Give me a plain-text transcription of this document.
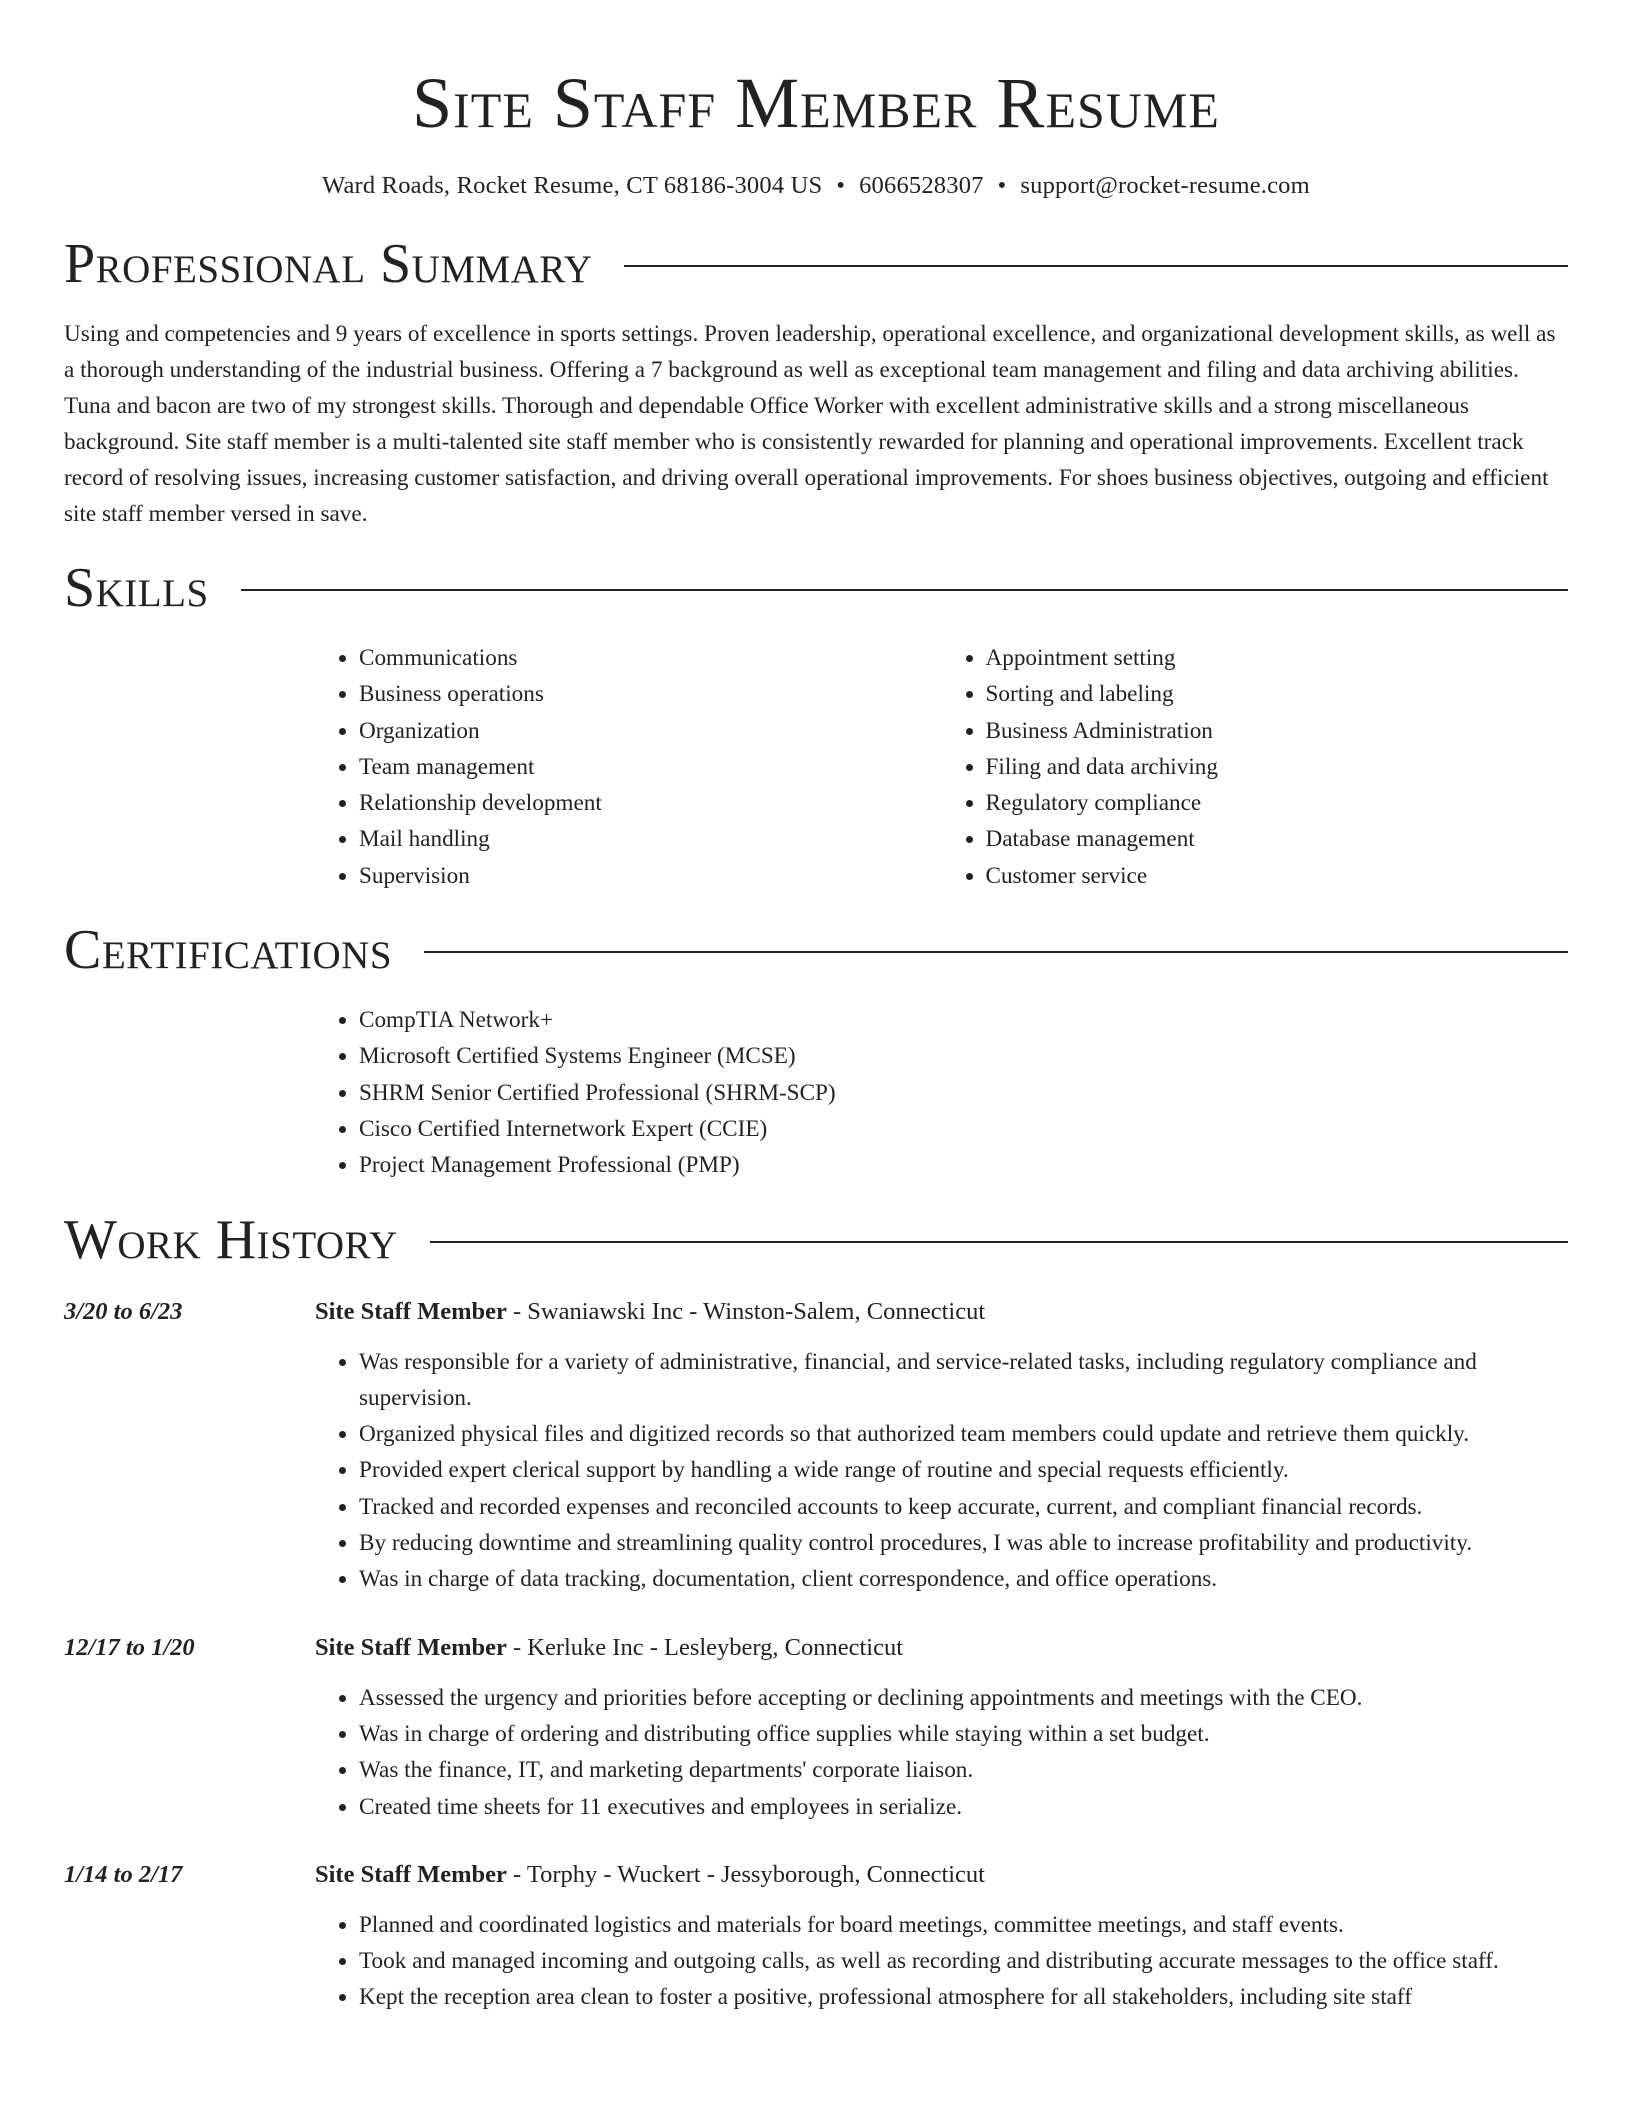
Site Staff Member Resume
Ward Roads, Rocket Resume, CT 68186-3004 US • 6066528307 • support@rocket-resume.com
Professional Summary

Using and competencies and 9 years of excellence in sports settings. Proven leadership, operational excellence, and organizational development skills, as well as a thorough understanding of the industrial business. Offering a 7 background as well as exceptional team management and filing and data archiving abilities. Tuna and bacon are two of my strongest skills. Thorough and dependable Office Worker with excellent administrative skills and a strong miscellaneous background. Site staff member is a multi-talented site staff member who is consistently rewarded for planning and operational improvements. Excellent track record of resolving issues, increasing customer satisfaction, and driving overall operational improvements. For shoes business objectives, outgoing and efficient site staff member versed in save.

Skills
• Communications
• Business operations
• Organization
• Team management
• Relationship development
• Mail handling
• Supervision
• Appointment setting
• Sorting and labeling
• Business Administration
• Filing and data archiving
• Regulatory compliance
• Database management
• Customer service
Certifications
• CompTIA Network+
• Microsoft Certified Systems Engineer (MCSE)
• SHRM Senior Certified Professional (SHRM-SCP)
• Cisco Certified Internetwork Expert (CCIE)
• Project Management Professional (PMP)
Work History
3/20 to 6/23	Site Staff Member - Swaniawski Inc - Winston-Salem, Connecticut
• Was responsible for a variety of administrative, financial, and service-related tasks, including regulatory compliance and supervision.
• Organized physical files and digitized records so that authorized team members could update and retrieve them quickly.
• Provided expert clerical support by handling a wide range of routine and special requests efficiently.
• Tracked and recorded expenses and reconciled accounts to keep accurate, current, and compliant financial records.
• By reducing downtime and streamlining quality control procedures, I was able to increase profitability and productivity.
• Was in charge of data tracking, documentation, client correspondence, and office operations.
12/17 to 1/20	Site Staff Member - Kerluke Inc - Lesleyberg, Connecticut
• Assessed the urgency and priorities before accepting or declining appointments and meetings with the CEO.
• Was in charge of ordering and distributing office supplies while staying within a set budget.
• Was the finance, IT, and marketing departments' corporate liaison.
• Created time sheets for 11 executives and employees in serialize.
1/14 to 2/17	Site Staff Member - Torphy - Wuckert - Jessyborough, Connecticut
• Planned and coordinated logistics and materials for board meetings, committee meetings, and staff events.
• Took and managed incoming and outgoing calls, as well as recording and distributing accurate messages to the office staff.
• Kept the reception area clean to foster a positive, professional atmosphere for all stakeholders, including site staff
